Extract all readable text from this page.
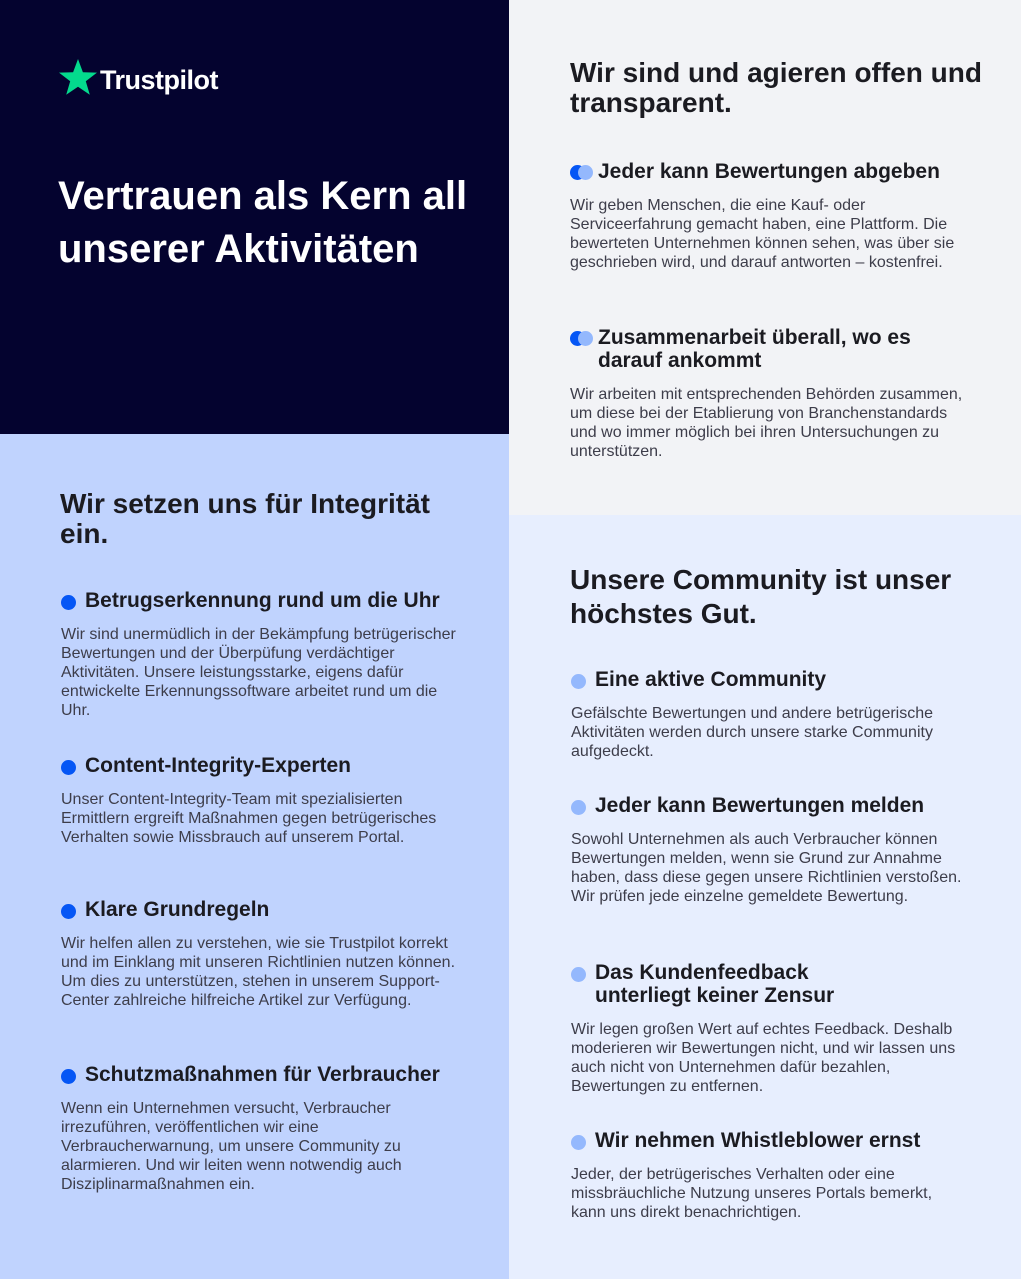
Trustpilot
Vertrauen als Kern all unserer Aktivitäten
Wir sind und agieren offen und transparent.
Jeder kann Bewertungen abgeben
Wir geben Menschen, die eine Kauf- oder Serviceerfahrung gemacht haben, eine Plattform. Die bewerteten Unternehmen können sehen, was über sie geschrieben wird, und darauf antworten – kostenfrei.
Zusammenarbeit überall, wo es darauf ankommt
Wir arbeiten mit entsprechenden Behörden zusammen, um diese bei der Etablierung von Branchenstandards und wo immer möglich bei ihren Untersuchungen zu unterstützen.
Wir setzen uns für Integrität ein.
Betrugserkennung rund um die Uhr
Wir sind unermüdlich in der Bekämpfung betrügerischer Bewertungen und der Überpüfung verdächtiger Aktivitäten. Unsere leistungsstarke, eigens dafür entwickelte Erkennungssoftware arbeitet rund um die Uhr.
Content-Integrity-Experten
Unser Content-Integrity-Team mit spezialisierten Ermittlern ergreift Maßnahmen gegen betrügerisches Verhalten sowie Missbrauch auf unserem Portal.
Klare Grundregeln
Wir helfen allen zu verstehen, wie sie Trustpilot korrekt und im Einklang mit unseren Richtlinien nutzen können. Um dies zu unterstützen, stehen in unserem Support-Center zahlreiche hilfreiche Artikel zur Verfügung.
Schutzmaßnahmen für Verbraucher
Wenn ein Unternehmen versucht, Verbraucher irrezuführen, veröffentlichen wir eine Verbraucherwarnung, um unsere Community zu alarmieren. Und wir leiten wenn notwendig auch Disziplinarmaßnahmen ein.
Unsere Community ist unser höchstes Gut.
Eine aktive Community
Gefälschte Bewertungen und andere betrügerische Aktivitäten werden durch unsere starke Community aufgedeckt.
Jeder kann Bewertungen melden
Sowohl Unternehmen als auch Verbraucher können Bewertungen melden, wenn sie Grund zur Annahme haben, dass diese gegen unsere Richtlinien verstoßen. Wir prüfen jede einzelne gemeldete Bewertung.
Das Kundenfeedback unterliegt keiner Zensur
Wir legen großen Wert auf echtes Feedback. Deshalb moderieren wir Bewertungen nicht, und wir lassen uns auch nicht von Unternehmen dafür bezahlen, Bewertungen zu entfernen.
Wir nehmen Whistleblower ernst
Jeder, der betrügerisches Verhalten oder eine missbräuchliche Nutzung unseres Portals bemerkt, kann uns direkt benachrichtigen.
